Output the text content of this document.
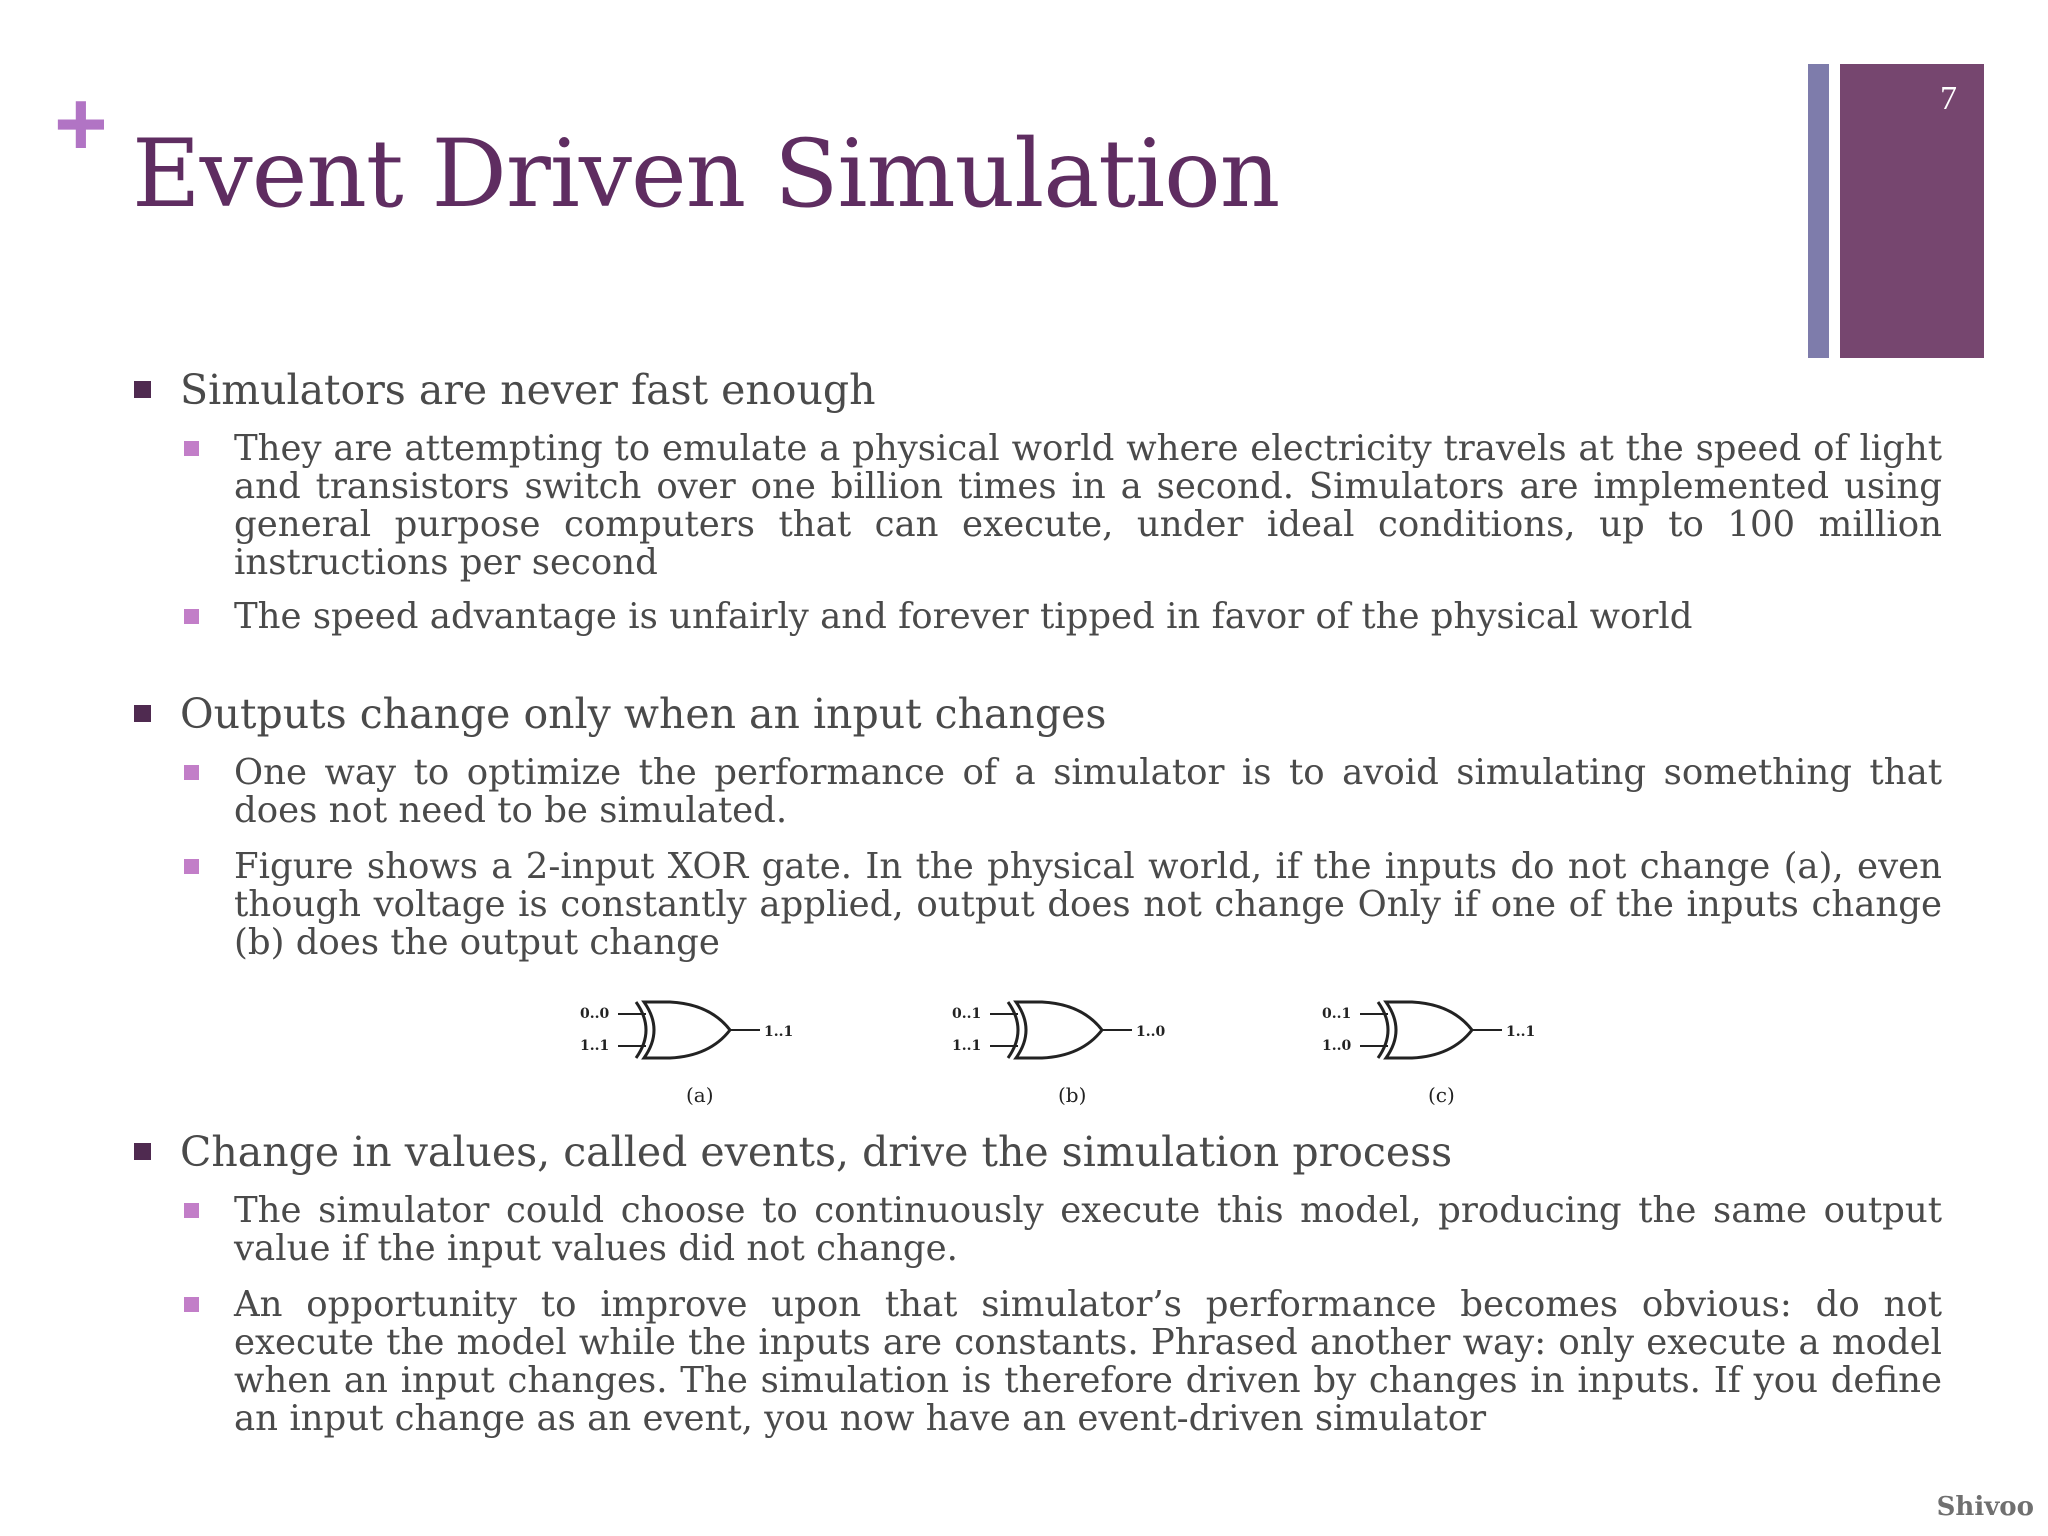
+ Event Driven Simulation
7
Simulators are never fast enough
They are attempting to emulate a physical world where electricity travels at the speed of light and transistors switch over one billion times in a second. Simulators are implemented using general purpose computers that can execute, under ideal conditions, up to 100 million instructions per second
The speed advantage is unfairly and forever tipped in favor of the physical world
Outputs change only when an input changes
One way to optimize the performance of a simulator is to avoid simulating something that does not need to be simulated.
Figure shows a 2-input XOR gate. In the physical world, if the inputs do not change (a), even though voltage is constantly applied, output does not change Only if one of the inputs change (b) does the output change
Change in values, called events, drive the simulation process
The simulator could choose to continuously execute this model, producing the same output value if the input values did not change.
An opportunity to improve upon that simulator’s performance becomes obvious: do not execute the model while the inputs are constants. Phrased another way: only execute a model when an input changes. The simulation is therefore driven by changes in inputs. If you define an input change as an event, you now have an event-driven simulator
0..0
1..1
1..1
(a)
0..1
1..1
1..0
(b)
0..1
1..0
1..1
(c)
Shivoo
